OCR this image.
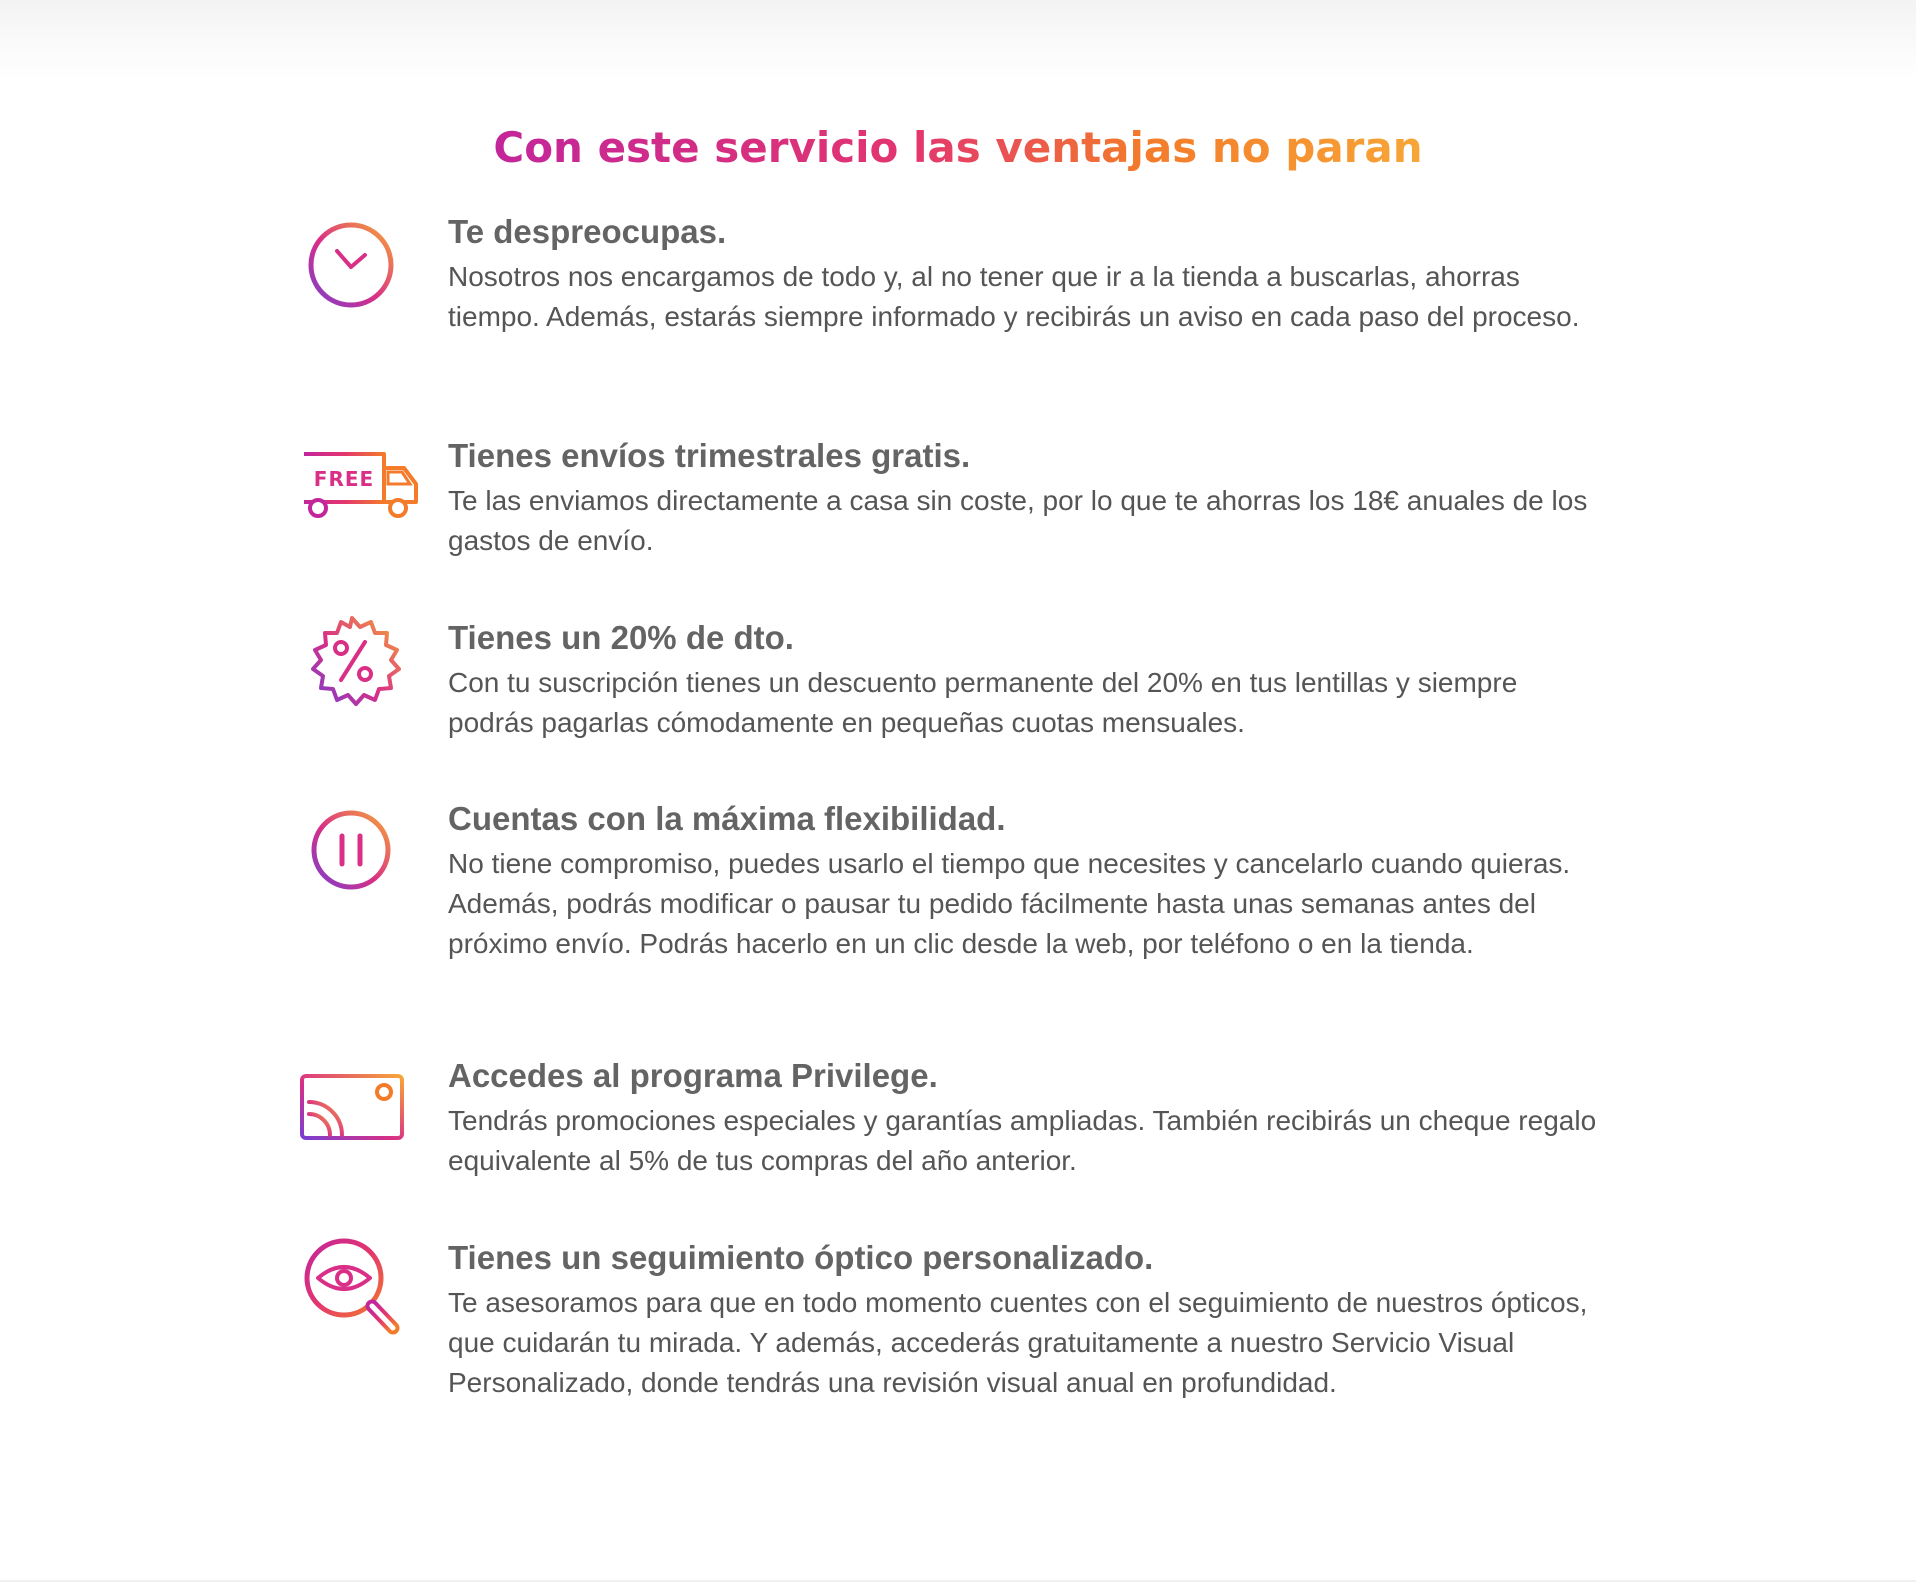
Con este servicio las ventajas no paran
Te despreocupas.

Nosotros nos encargamos de todo y, al no tener que ir a la tienda a buscarlas, ahorras tiempo. Además, estarás siempre informado y recibirás un aviso en cada paso del proceso.

FREE
Tienes envíos trimestrales gratis.

Te las enviamos directamente a casa sin coste, por lo que te ahorras los 18€ anuales de los gastos de envío.

Tienes un 20% de dto.

Con tu suscripción tienes un descuento permanente del 20% en tus lentillas y siempre podrás pagarlas cómodamente en pequeñas cuotas mensuales.

Cuentas con la máxima flexibilidad.

No tiene compromiso, puedes usarlo el tiempo que necesites y cancelarlo cuando quieras. Además, podrás modificar o pausar tu pedido fácilmente hasta unas semanas antes del próximo envío. Podrás hacerlo en un clic desde la web, por teléfono o en la tienda.

Accedes al programa Privilege.

Tendrás promociones especiales y garantías ampliadas. También recibirás un cheque regalo equivalente al 5% de tus compras del año anterior.

Tienes un seguimiento óptico personalizado.

Te asesoramos para que en todo momento cuentes con el seguimiento de nuestros ópticos, que cuidarán tu mirada. Y además, accederás gratuitamente a nuestro Servicio Visual Personalizado, donde tendrás una revisión visual anual en profundidad.
